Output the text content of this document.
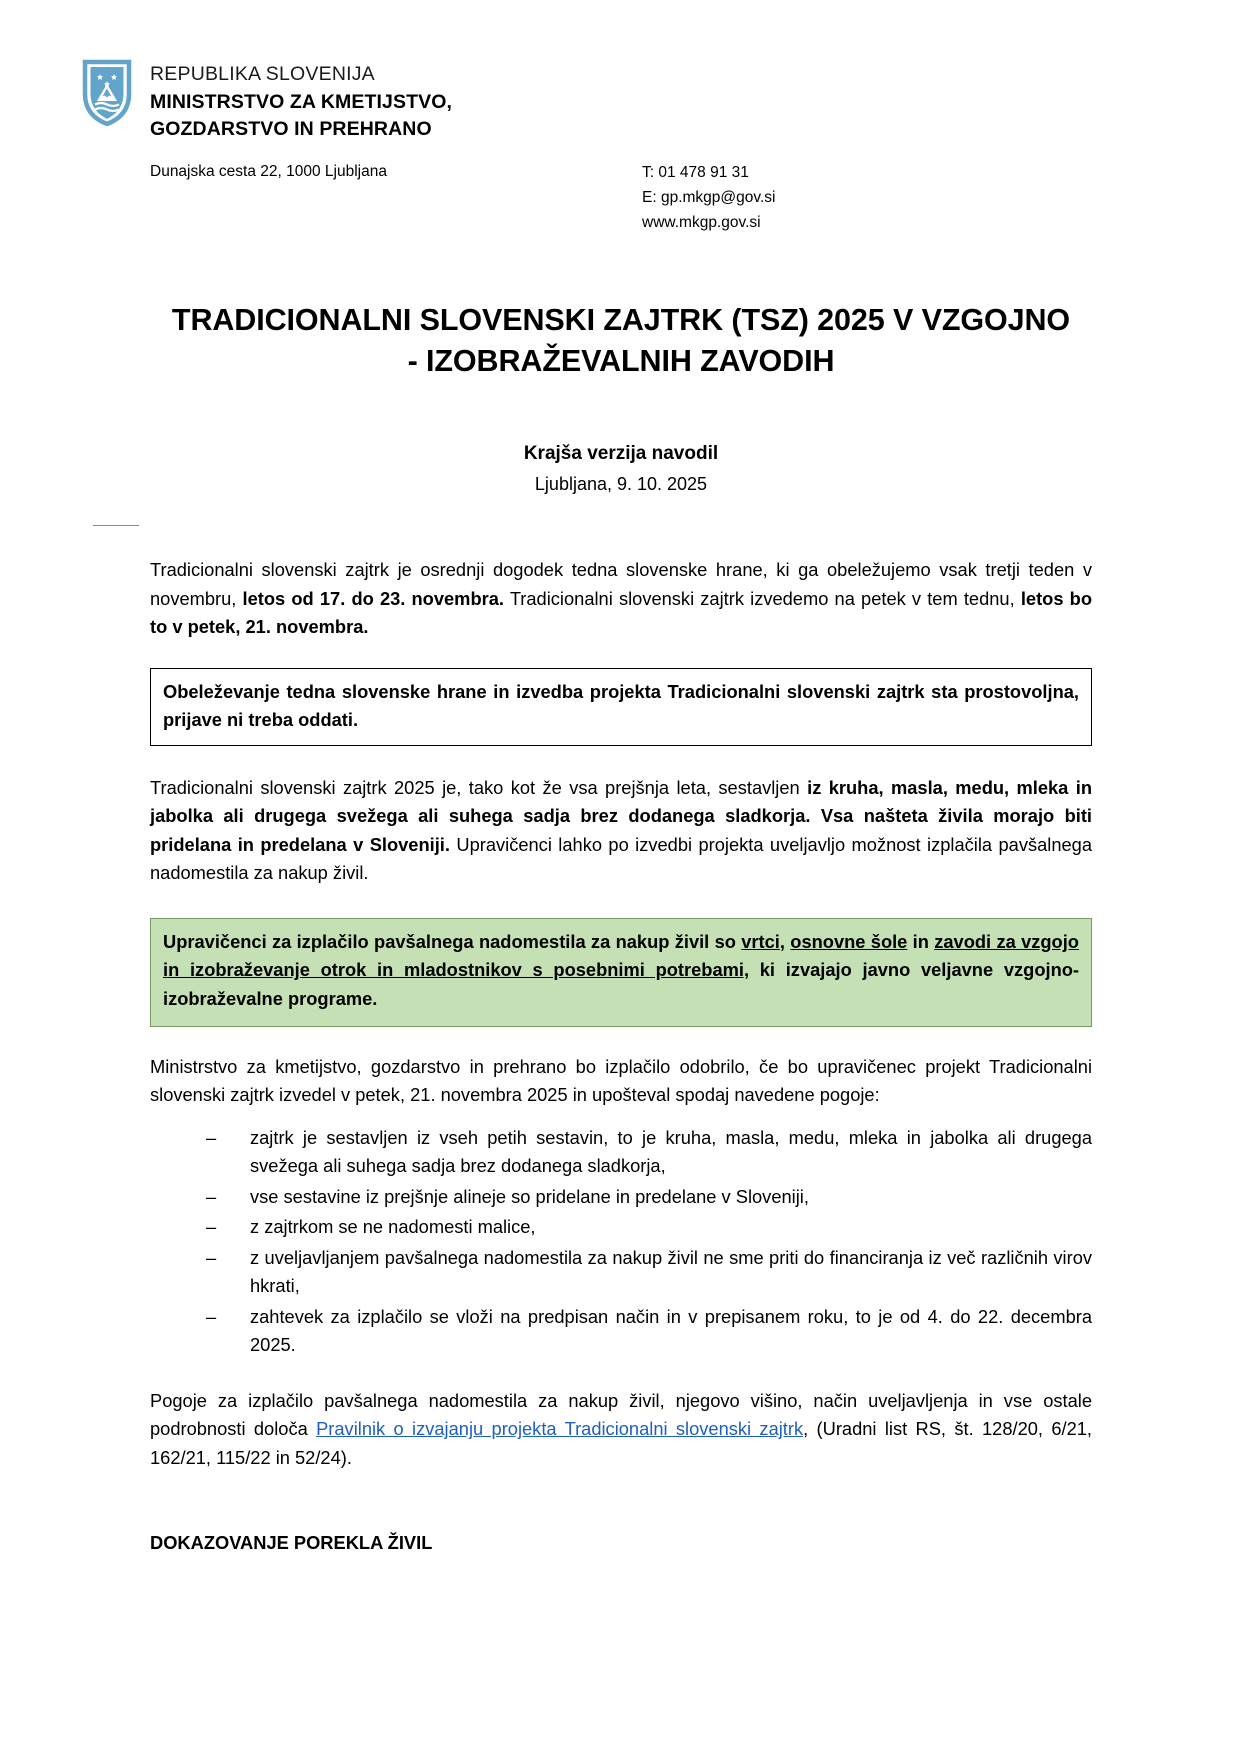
REPUBLIKA SLOVENIJA
MINISTRSTVO ZA KMETIJSTVO,
GOZDARSTVO IN PREHRANO
Dunajska cesta 22, 1000 Ljubljana	T: 01 478 91 31
E: gp.mkgp@gov.si
www.mkgp.gov.si
TRADICIONALNI SLOVENSKI ZAJTRK (TSZ) 2025 V VZGOJNO - IZOBRAŽEVALNIH ZAVODIH
Krajša verzija navodil
Ljubljana, 9. 10. 2025

Tradicionalni slovenski zajtrk je osrednji dogodek tedna slovenske hrane, ki ga obeležujemo vsak tretji teden v novembru, letos od 17. do 23. novembra. Tradicionalni slovenski zajtrk izvedemo na petek v tem tednu, letos bo to v petek, 21. novembra.

Obeleževanje tedna slovenske hrane in izvedba projekta Tradicionalni slovenski zajtrk sta prostovoljna, prijave ni treba oddati.

Tradicionalni slovenski zajtrk 2025 je, tako kot že vsa prejšnja leta, sestavljen iz kruha, masla, medu, mleka in jabolka ali drugega svežega ali suhega sadja brez dodanega sladkorja. Vsa našteta živila morajo biti pridelana in predelana v Sloveniji. Upravičenci lahko po izvedbi projekta uveljavljo možnost izplačila pavšalnega nadomestila za nakup živil.

Upravičenci za izplačilo pavšalnega nadomestila za nakup živil so vrtci, osnovne šole in zavodi za vzgojo in izobraževanje otrok in mladostnikov s posebnimi potrebami, ki izvajajo javno veljavne vzgojno-izobraževalne programe.

Ministrstvo za kmetijstvo, gozdarstvo in prehrano bo izplačilo odobrilo, če bo upravičenec projekt Tradicionalni slovenski zajtrk izvedel v petek, 21. novembra 2025 in upošteval spodaj navedene pogoje:

– zajtrk je sestavljen iz vseh petih sestavin, to je kruha, masla, medu, mleka in jabolka ali drugega svežega ali suhega sadja brez dodanega sladkorja,
– vse sestavine iz prejšnje alineje so pridelane in predelane v Sloveniji,
– z zajtrkom se ne nadomesti malice,
– z uveljavljanjem pavšalnega nadomestila za nakup živil ne sme priti do financiranja iz več različnih virov hkrati,
– zahtevek za izplačilo se vloži na predpisan način in v prepisanem roku, to je od 4. do 22. decembra 2025.

Pogoje za izplačilo pavšalnega nadomestila za nakup živil, njegovo višino, način uveljavljenja in vse ostale podrobnosti določa Pravilnik o izvajanju projekta Tradicionalni slovenski zajtrk, (Uradni list RS, št. 128/20, 6/21, 162/21, 115/22 in 52/24).

DOKAZOVANJE POREKLA ŽIVIL
